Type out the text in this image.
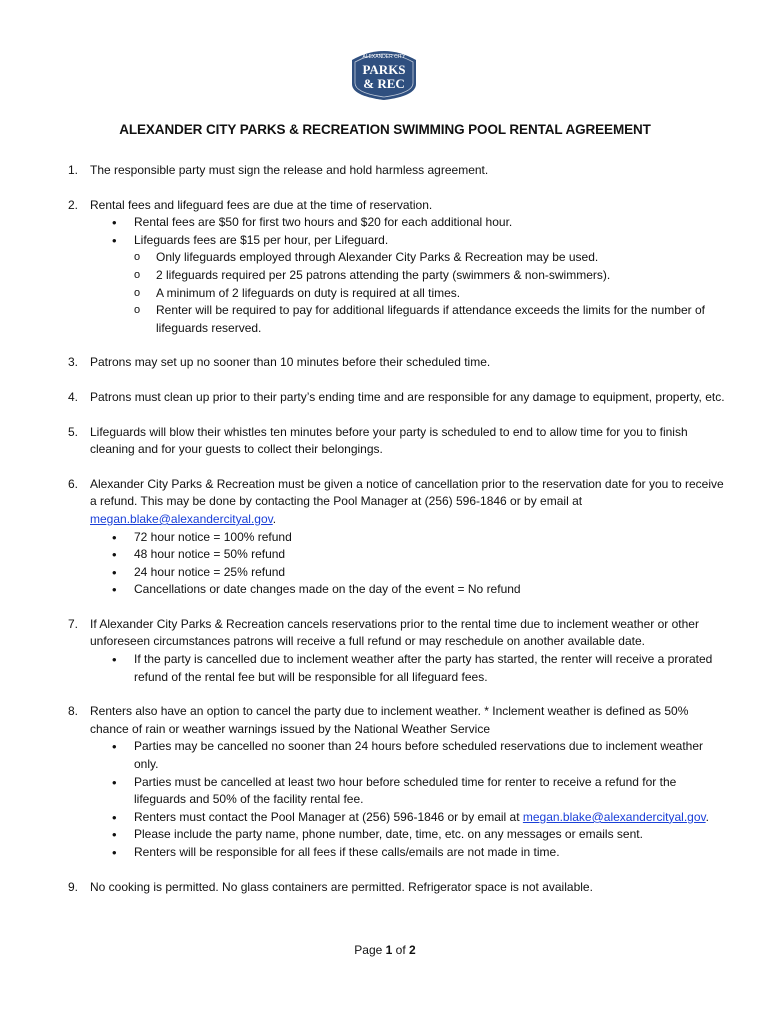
ALEXANDER CITY
PARKS
& REC
ALEXANDER CITY PARKS & RECREATION SWIMMING POOL RENTAL AGREEMENT
1. The responsible party must sign the release and hold harmless agreement.

2. Rental fees and lifeguard fees are due at the time of reservation.

• Rental fees are $50 for first two hours and $20 for each additional hour.
• Lifeguards fees are $15 per hour, per Lifeguard.
o Only lifeguards employed through Alexander City Parks & Recreation may be used.
o 2 lifeguards required per 25 patrons attending the party (swimmers & non-swimmers).
o A minimum of 2 lifeguards on duty is required at all times.
o Renter will be required to pay for additional lifeguards if attendance exceeds the limits for the number of lifeguards reserved.
3. Patrons may set up no sooner than 10 minutes before their scheduled time.

4. Patrons must clean up prior to their party’s ending time and are responsible for any damage to equipment, property, etc.

5. Lifeguards will blow their whistles ten minutes before your party is scheduled to end to allow time for you to finish cleaning and for your guests to collect their belongings.

6. Alexander City Parks & Recreation must be given a notice of cancellation prior to the reservation date for you to receive a refund. This may be done by contacting the Pool Manager at (256) 596-1846 or by email at megan.blake@alexandercityal.gov.

• 72 hour notice = 100% refund
• 48 hour notice = 50% refund
• 24 hour notice = 25% refund
• Cancellations or date changes made on the day of the event = No refund
7. If Alexander City Parks & Recreation cancels reservations prior to the rental time due to inclement weather or other unforeseen circumstances patrons will receive a full refund or may reschedule on another available date.

• If the party is cancelled due to inclement weather after the party has started, the renter will receive a prorated refund of the rental fee but will be responsible for all lifeguard fees.
8. Renters also have an option to cancel the party due to inclement weather. * Inclement weather is defined as 50% chance of rain or weather warnings issued by the National Weather Service

• Parties may be cancelled no sooner than 24 hours before scheduled reservations due to inclement weather only.
• Parties must be cancelled at least two hour before scheduled time for renter to receive a refund for the lifeguards and 50% of the facility rental fee.
• Renters must contact the Pool Manager at (256) 596-1846 or by email at megan.blake@alexandercityal.gov.
• Please include the party name, phone number, date, time, etc. on any messages or emails sent.
• Renters will be responsible for all fees if these calls/emails are not made in time.
9. No cooking is permitted. No glass containers are permitted. Refrigerator space is not available.

Page 1 of 2
